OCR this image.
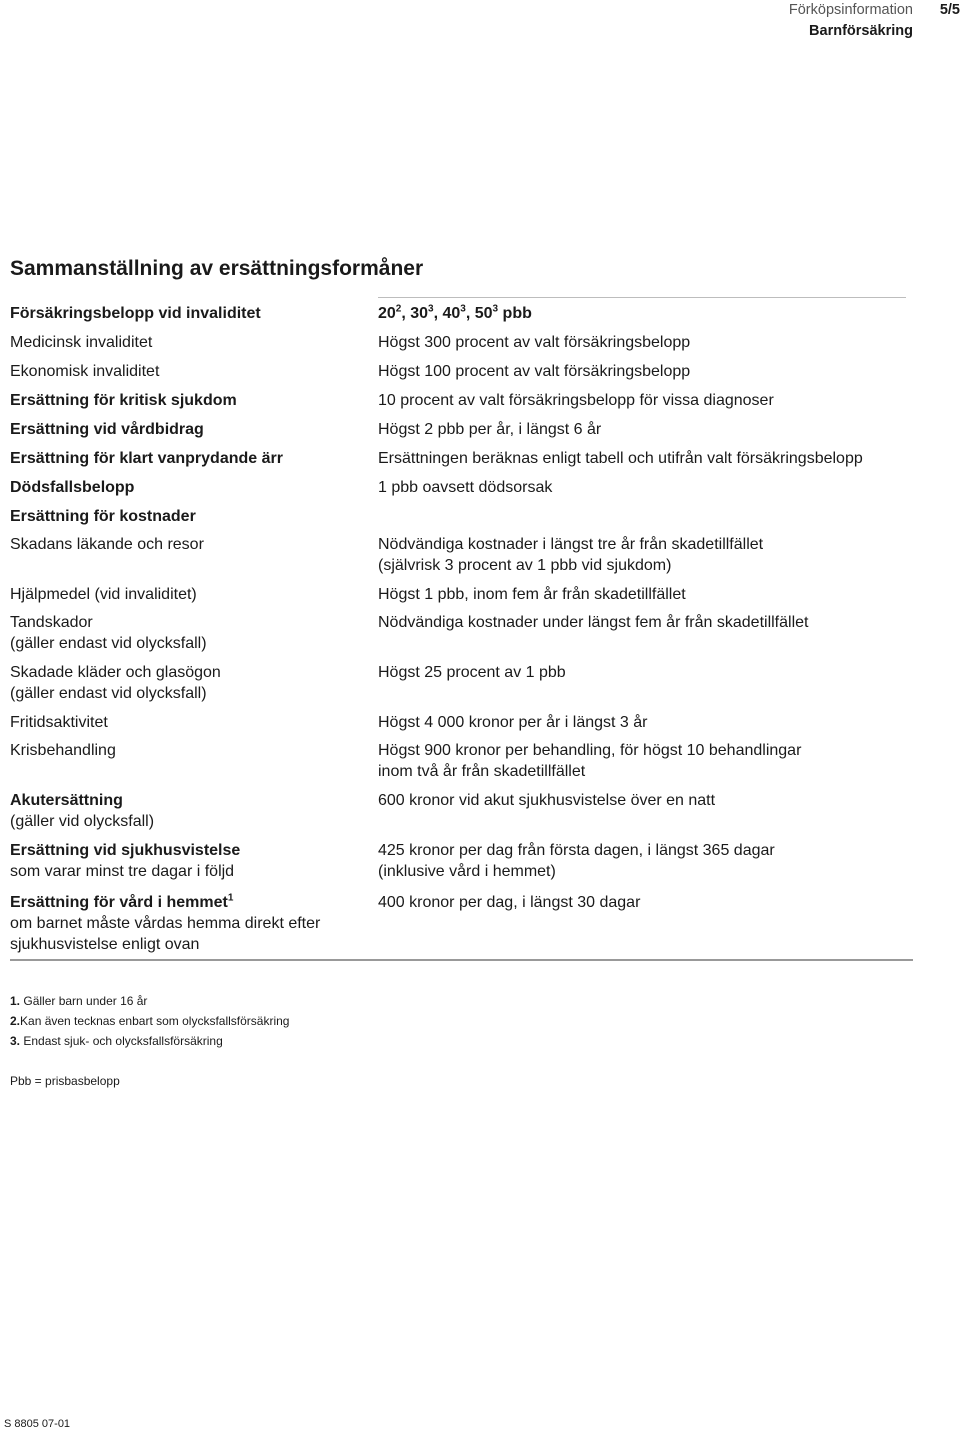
Förköpsinformation
Barnförsäkring
5/5
Sammanställning av ersättningsformåner
Försäkringsbelopp vid invaliditet	$20^2$, $30^3$, $40^3$, $50^3$ pbb
Medicinsk invaliditet	Högst 300 procent av valt försäkringsbelopp
Ekonomisk invaliditet	Högst 100 procent av valt försäkringsbelopp
Ersättning för kritisk sjukdom	10 procent av valt försäkringsbelopp för vissa diagnoser
Ersättning vid vårdbidrag	Högst 2 pbb per år, i längst 6 år
Ersättning för klart vanprydande ärr	Ersättningen beräknas enligt tabell och utifrån valt försäkringsbelopp
Dödsfallsbelopp	1 pbb oavsett dödsorsak
Ersättning för kostnader	
Skadans läkande och resor	Nödvändiga kostnader i längst tre år från skadetillfället
(självrisk 3 procent av 1 pbb vid sjukdom)
Hjälpmedel (vid invaliditet)	Högst 1 pbb, inom fem år från skadetillfället
Tandskador
(gäller endast vid olycksfall)	Nödvändiga kostnader under längst fem år från skadetillfället
Skadade kläder och glasögon
(gäller endast vid olycksfall)	Högst 25 procent av 1 pbb
Fritidsaktivitet	Högst 4 000 kronor per år i längst 3 år
Krisbehandling	Högst 900 kronor per behandling, för högst 10 behandlingar
inom två år från skadetillfället
Akutersättning
(gäller vid olycksfall)	600 kronor vid akut sjukhusvistelse över en natt
Ersättning vid sjukhusvistelse
som varar minst tre dagar i följd	425 kronor per dag från första dagen, i längst 365 dagar
(inklusive vård i hemmet)
Ersättning för vård i hemmet$^1$
om barnet måste vårdas hemma direkt efter
sjukhusvistelse enligt ovan	400 kronor per dag, i längst 30 dagar
1. Gäller barn under 16 år
2.Kan även tecknas enbart som olycksfallsförsäkring
3. Endast sjuk- och olycksfallsförsäkring
Pbb = prisbasbelopp
S 8805 07-01
